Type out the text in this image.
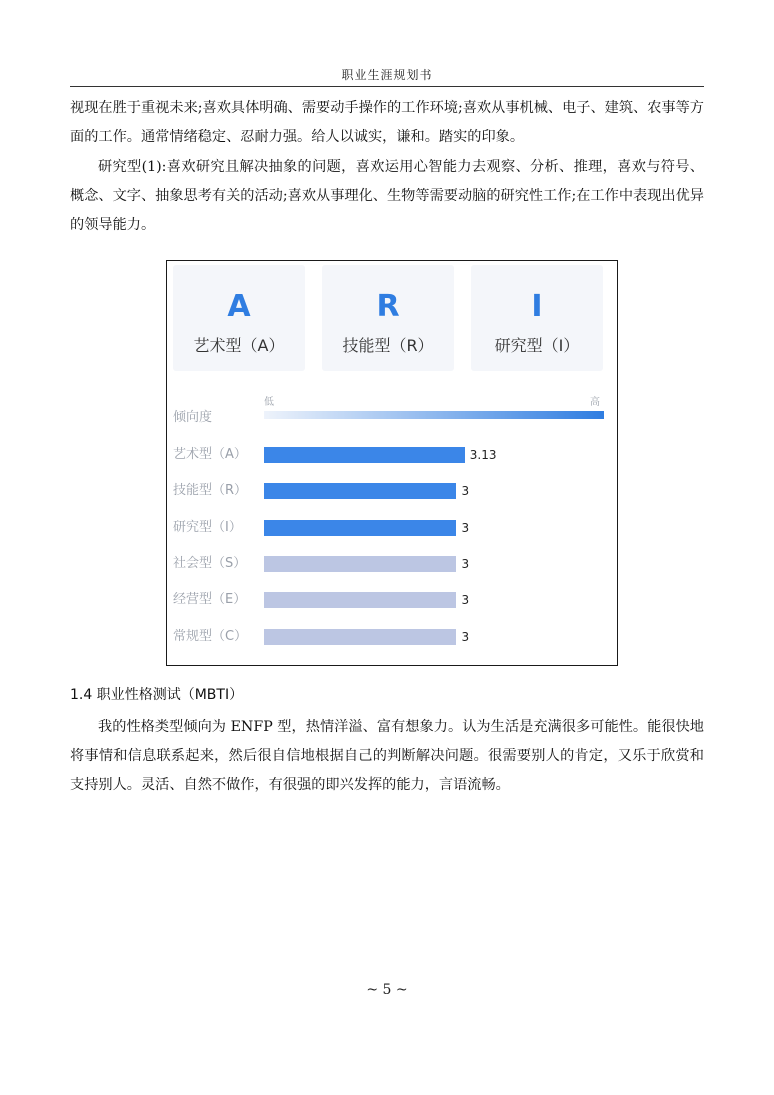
职业生涯规划书

视现在胜于重视未来;喜欢具体明确、需要动手操作的工作环境;喜欢从事机械、电子、建筑、农事等方面的工作。通常情绪稳定、忍耐力强。给人以诚实，谦和。踏实的印象。

研究型(1):喜欢研究且解决抽象的问题，喜欢运用心智能力去观察、分析、推理，喜欢与符号、概念、文字、抽象思考有关的活动;喜欢从事理化、生物等需要动脑的研究性工作;在工作中表现出优异的领导能力。

A
艺术型（A）
R
技能型（R）
I
研究型（I）
倾向度
低	高
艺术型（A）	3.13
技能型（R）	3
研究型（I）	3
社会型（S）	3
经营型（E）	3
常规型（C）	3
1.4 职业性格测试（MBTI）

我的性格类型倾向为 ENFP 型，热情洋溢、富有想象力。认为生活是充满很多可能性。能很快地将事情和信息联系起来，然后很自信地根据自己的判断解决问题。很需要别人的肯定，又乐于欣赏和支持别人。灵活、自然不做作，有很强的即兴发挥的能力，言语流畅。

~ 5 ~
